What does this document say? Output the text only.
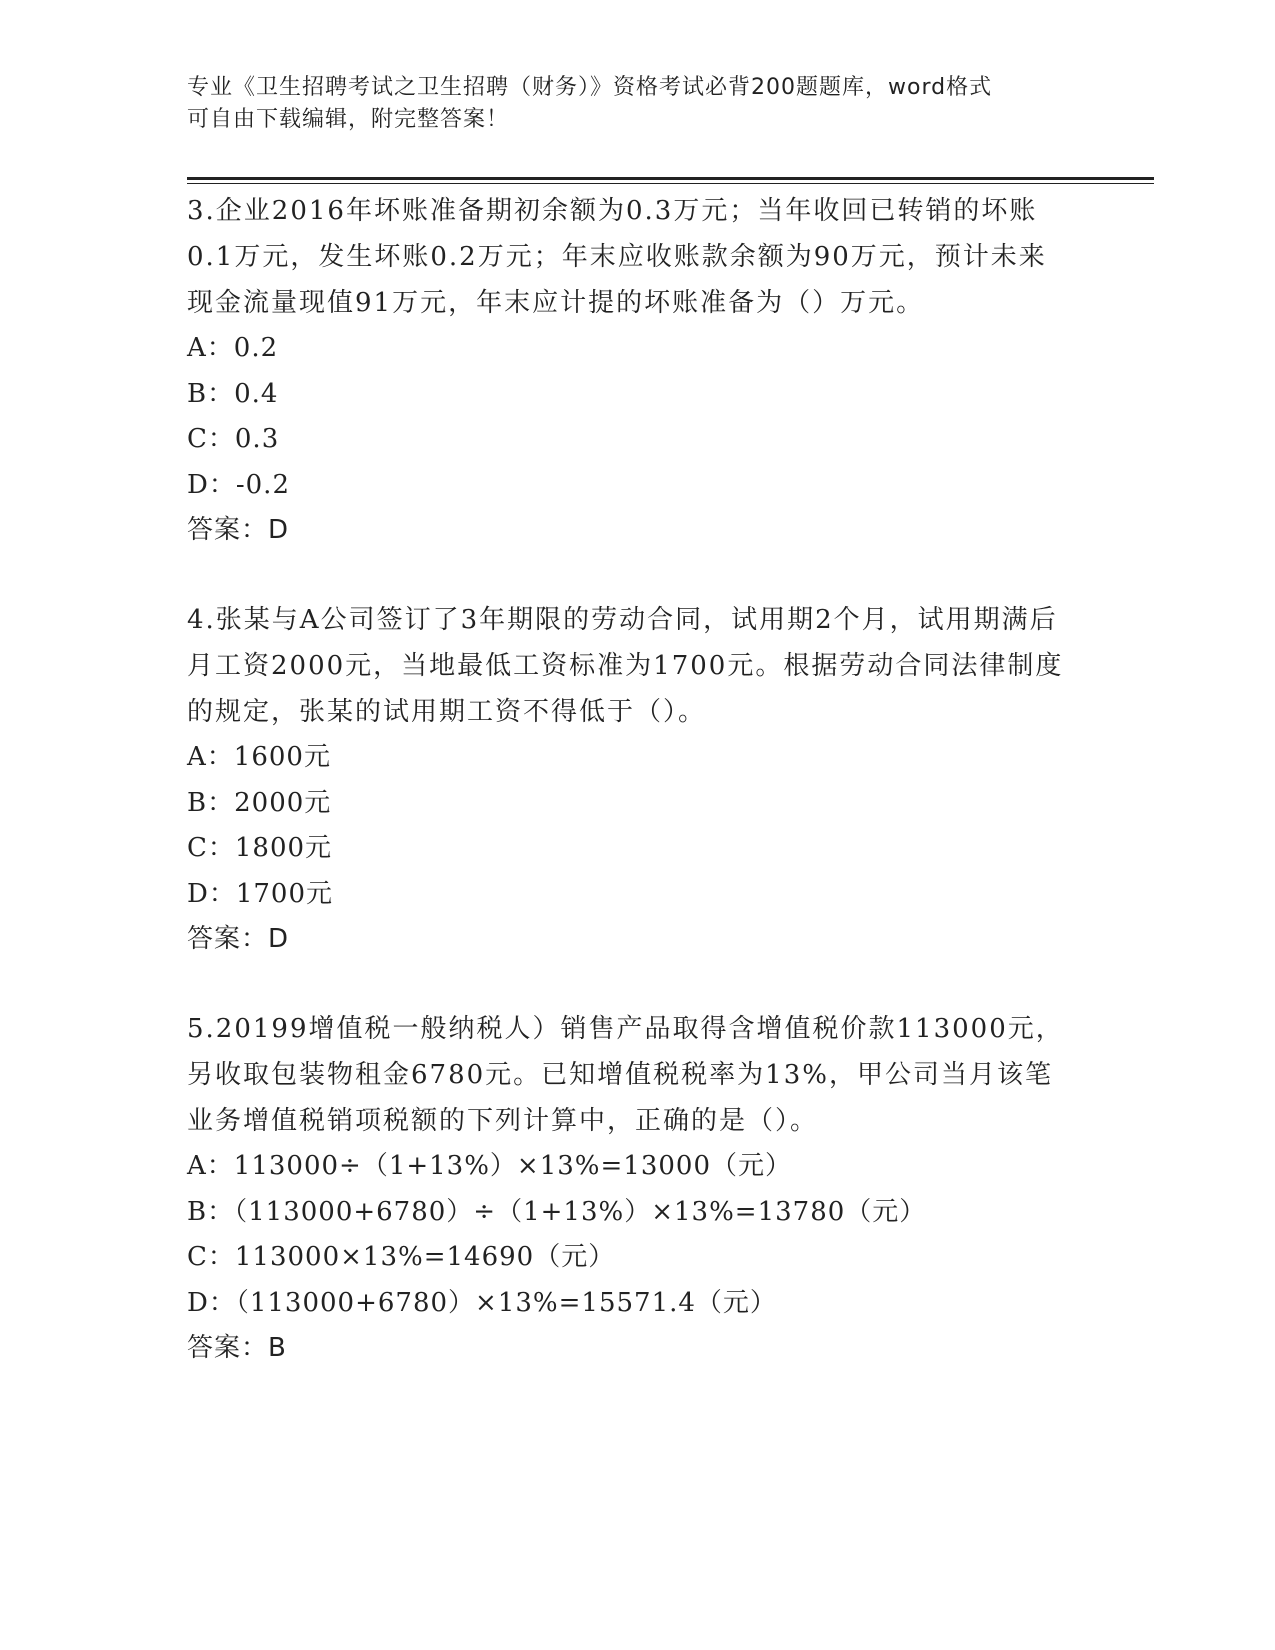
专业《卫生招聘考试之卫生招聘（财务）》资格考试必背200题题库，word格式
可自由下载编辑，附完整答案！

3.企业2016年坏账准备期初余额为0.3万元；当年收回已转销的坏账0.1万元，发生坏账0.2万元；年末应收账款余额为90万元，预计未来现金流量现值91万元，年末应计提的坏账准备为（）万元。

A：0.2

B：0.4

C：0.3

D：-0.2

答案：D

4.张某与A公司签订了3年期限的劳动合同，试用期2个月，试用期满后月工资2000元，当地最低工资标准为1700元。根据劳动合同法律制度的规定，张某的试用期工资不得低于（）。

A：1600元

B：2000元

C：1800元

D：1700元

答案：D

5.20199增值税一般纳税人）销售产品取得含增值税价款113000元，另收取包装物租金6780元。已知增值税税率为13%，甲公司当月该笔业务增值税销项税额的下列计算中，正确的是（）。

A：113000÷（1+13%）×13%=13000（元）

B：（113000+6780）÷（1+13%）×13%=13780（元）

C：113000×13%=14690（元）

D：（113000+6780）×13%=15571.4（元）

答案：B
